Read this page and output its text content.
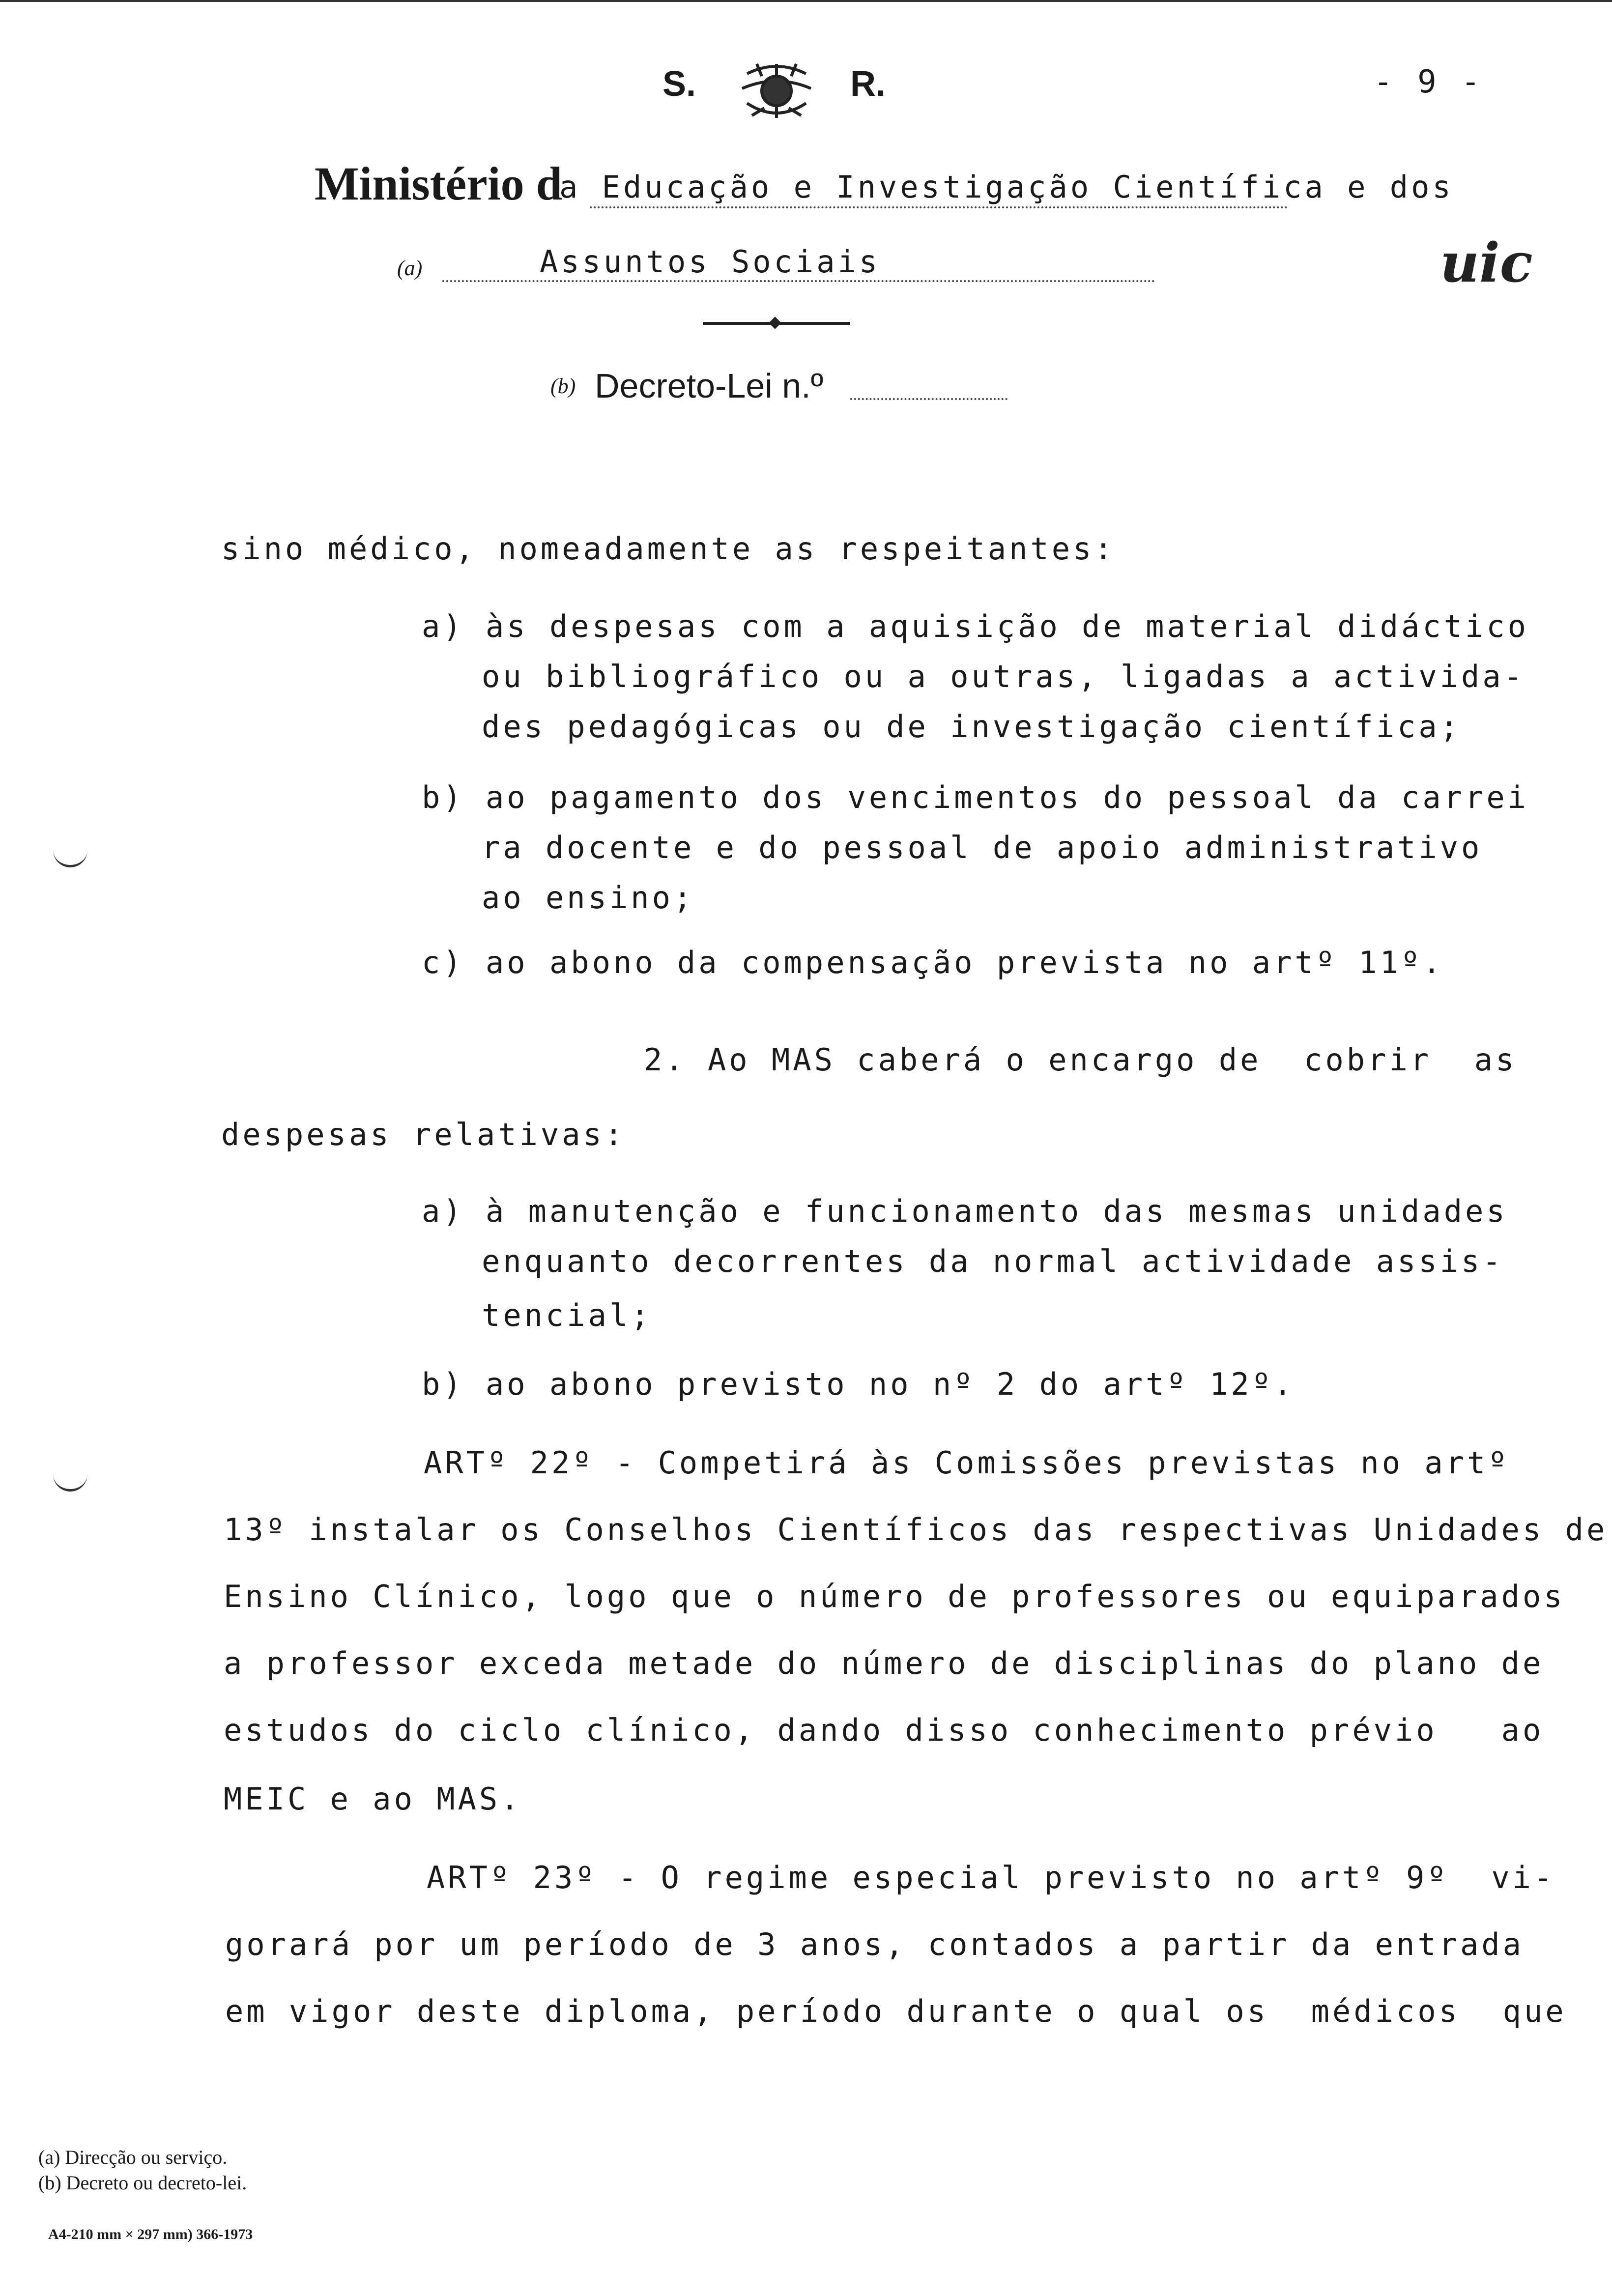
S.	R.	- 9 -
Ministério d
a Educação e Investigação Científica e dos
(a)	Assuntos Sociais	uic
(b) Decreto-Lei n.º
sino médico, nomeadamente as respeitantes:
a) às despesas com a aquisição de material didáctico
ou bibliográfico ou a outras, ligadas a activida-
des pedagógicas ou de investigação científica;
b) ao pagamento dos vencimentos do pessoal da carrei
ra docente e do pessoal de apoio administrativo
ao ensino;
c) ao abono da compensação prevista no artº 11º.
2. Ao MAS caberá o encargo de  cobrir  as
despesas relativas:
a) à manutenção e funcionamento das mesmas unidades
enquanto decorrentes da normal actividade assis-
tencial;
b) ao abono previsto no nº 2 do artº 12º.
ARTº 22º - Competirá às Comissões previstas no artº
13º instalar os Conselhos Científicos das respectivas Unidades de
Ensino Clínico, logo que o número de professores ou equiparados
a professor exceda metade do número de disciplinas do plano de
estudos do ciclo clínico, dando disso conhecimento prévio   ao
MEIC e ao MAS.
ARTº 23º - O regime especial previsto no artº 9º  vi-
gorará por um período de 3 anos, contados a partir da entrada
em vigor deste diploma, período durante o qual os  médicos  que
(a) Direcção ou serviço.
(b) Decreto ou decreto-lei.
A4-210 mm × 297 mm) 366-1973
